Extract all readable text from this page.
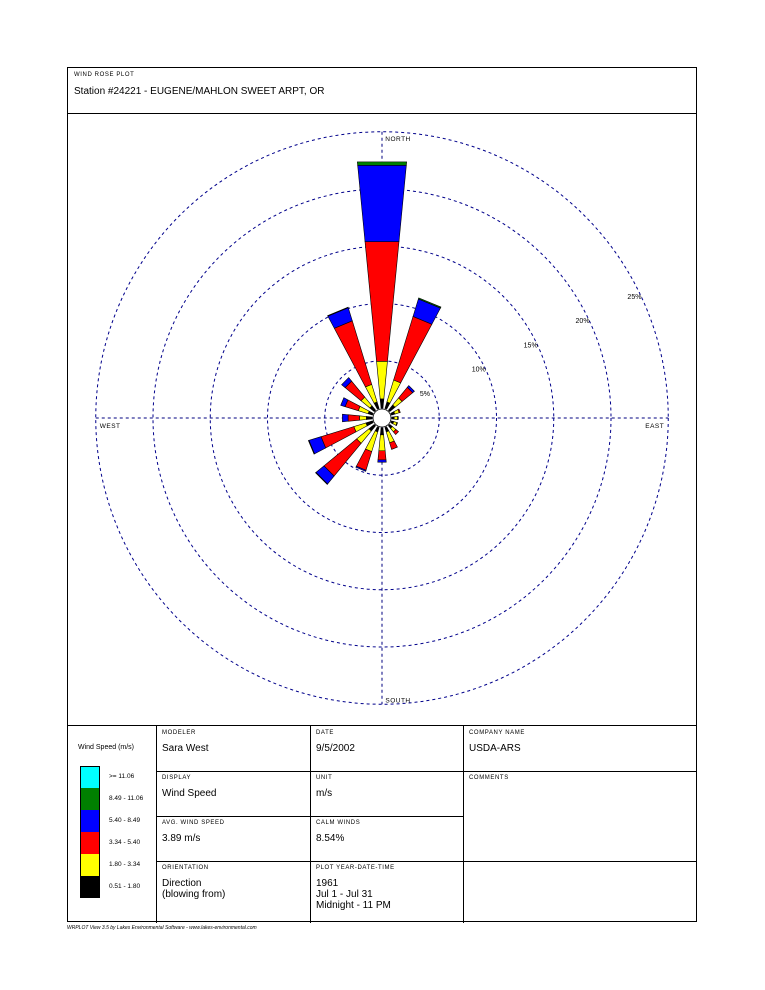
WIND ROSE PLOT
Station #24221 - EUGENE/MAHLON SWEET ARPT, OR
5%
10%
15%
20%
25%
NORTH
SOUTH
WEST	EAST
Wind Speed (m/s)
>= 11.06
8.49 - 11.06
5.40 - 8.49
3.34 - 5.40
1.80 - 3.34
0.51 - 1.80
MODELER
Sara West
DATE
9/5/2002
COMPANY NAME
USDA-ARS
DISPLAY
Wind Speed
UNIT
m/s
COMMENTS
AVG. WIND SPEED
3.89 m/s
CALM WINDS
8.54%
ORIENTATION
Direction
(blowing from)
PLOT YEAR-DATE-TIME
1961
Jul 1 - Jul 31
Midnight - 11 PM
WRPLOT View 3.5 by Lakes Environmental Software - www.lakes-environmental.com
